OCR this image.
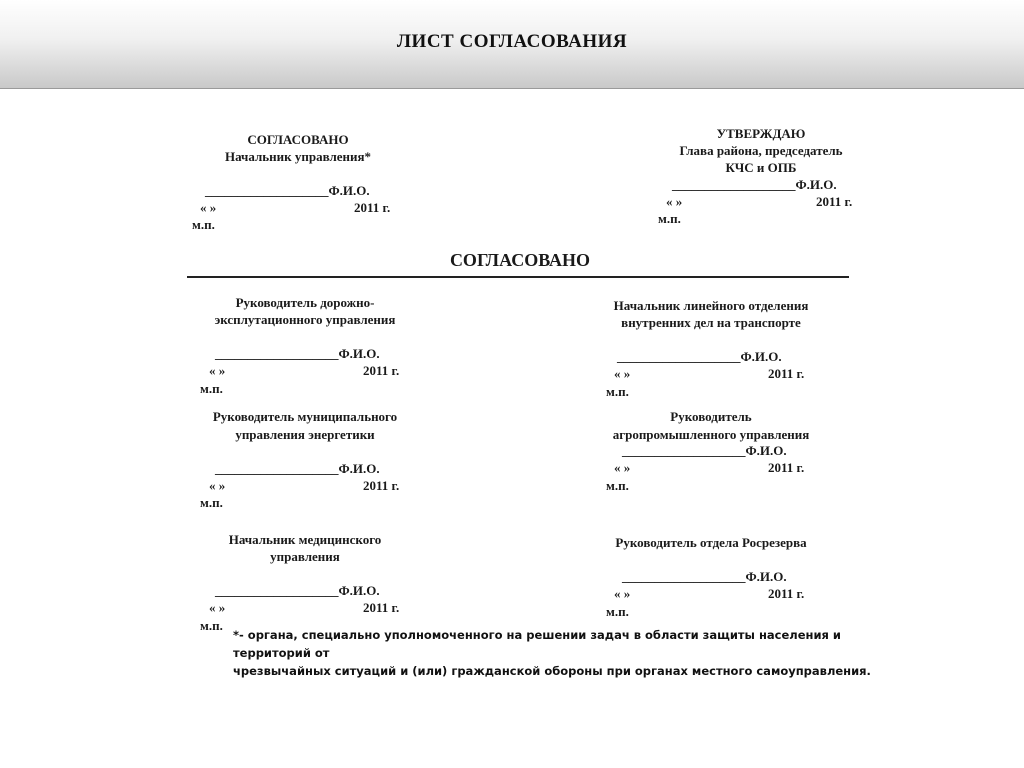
ЛИСТ СОГЛАСОВАНИЯ
СОГЛАСОВАНО
Начальник управления*
___________________Ф.И.О.
« »	2011 г.
м.п.
УТВЕРЖДАЮ
Глава района, председатель
КЧС и ОПБ
___________________Ф.И.О.
« »	2011 г.
м.п.
СОГЛАСОВАНО
Руководитель дорожно-
эксплутационного управления
___________________Ф.И.О.
« »	2011 г.
м.п.
Начальник линейного отделения
внутренних дел на транспорте
___________________Ф.И.О.
« »	2011 г.
м.п.
Руководитель муниципального
управления энергетики
___________________Ф.И.О.
« »	2011 г.
м.п.
Руководитель
агропромышленного управления
___________________Ф.И.О.
« »	2011 г.
м.п.
Начальник медицинского
управления
___________________Ф.И.О.
« »	2011 г.
м.п.
Руководитель отдела Росрезерва
___________________Ф.И.О.
« »	2011 г.
м.п.
*- органа, специально уполномоченного на решении задач в области защиты населения и территорий от
чрезвычайных ситуаций и (или) гражданской обороны при органах местного самоуправления.
